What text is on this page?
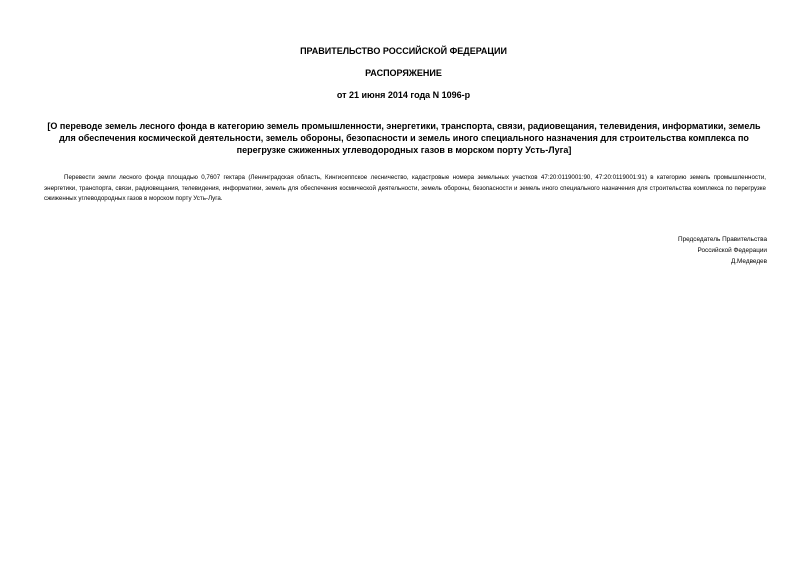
ПРАВИТЕЛЬСТВО РОССИЙСКОЙ ФЕДЕРАЦИИ
РАСПОРЯЖЕНИЕ
от 21 июня 2014 года N 1096-р
[О переводе земель лесного фонда в категорию земель промышленности, энергетики, транспорта, связи, радиовещания, телевидения, информатики, земель для обеспечения космической деятельности, земель обороны, безопасности и земель иного специального назначения для строительства комплекса по перегрузке сжиженных углеводородных газов в морском порту Усть-Луга]
Перевести земли лесного фонда площадью 0,7607 гектара (Ленинградская область, Кингисеппское лесничество, кадастровые номера земельных участков 47:20:0119001:90, 47:20:0119001:91) в категорию земель промышленности, энергетики, транспорта, связи, радиовещания, телевидения, информатики, земель для обеспечения космической деятельности, земель обороны, безопасности и земель иного специального назначения для строительства комплекса по перегрузке сжиженных углеводородных газов в морском порту Усть-Луга.
Председатель Правительства
Российской Федерации
Д.Медведев
